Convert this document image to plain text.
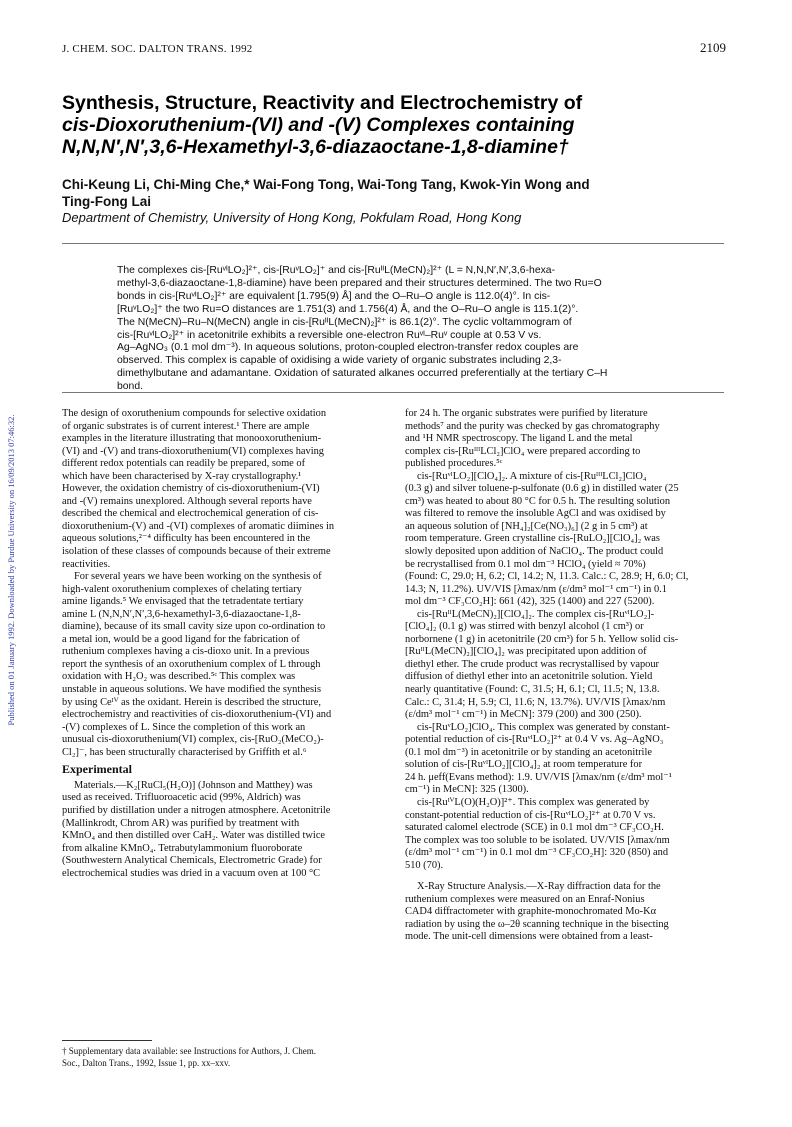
Published on 01 January 1992. Downloaded by Purdue University on 16/09/2013 07:46:32.
J. CHEM. SOC. DALTON TRANS. 1992	2109
Synthesis, Structure, Reactivity and Electrochemistry of
cis-Dioxoruthenium-(VI) and -(V) Complexes containing
N,N,N′,N′,3,6-Hexamethyl-3,6-diazaoctane-1,8-diamine†
Chi-Keung Li, Chi-Ming Che,* Wai-Fong Tong, Wai-Tong Tang, Kwok-Yin Wong and
Ting-Fong Lai
Department of Chemistry, University of Hong Kong, Pokfulam Road, Hong Kong
The complexes cis-[RuᵛᴵLO₂]²⁺, cis-[RuᵛLO₂]⁺ and cis-[RuᴵᴵL(MeCN)₂]²⁺ (L = N,N,N′,N′,3,6-hexa-
methyl-3,6-diazaoctane-1,8-diamine) have been prepared and their structures determined. The two Ru=O
bonds in cis-[RuᵛᴵLO₂]²⁺ are equivalent [1.795(9) Å] and the O–Ru–O angle is 112.0(4)°. In cis-
[RuᵛLO₂]⁺ the two Ru=O distances are 1.751(3) and 1.756(4) Å, and the O–Ru–O angle is 115.1(2)°.
The N(MeCN)–Ru–N(MeCN) angle in cis-[RuᴵᴵL(MeCN)₂]²⁺ is 86.1(2)°. The cyclic voltammogram of
cis-[RuᵛᴵLO₂]²⁺ in acetonitrile exhibits a reversible one-electron Ruᵛᴵ–Ruᵛ couple at 0.53 V vs.
Ag–AgNO₃ (0.1 mol dm⁻³). In aqueous solutions, proton-coupled electron-transfer redox couples are
observed. This complex is capable of oxidising a wide variety of organic substrates including 2,3-
dimethylbutane and adamantane. Oxidation of saturated alkanes occurred preferentially at the tertiary C–H
bond.
The design of oxoruthenium compounds for selective oxidation
of organic substrates is of current interest.¹ There are ample
examples in the literature illustrating that monooxoruthenium-
(VI) and -(V) and trans-dioxoruthenium(VI) complexes having
different redox potentials can readily be prepared, some of
which have been characterised by X-ray crystallography.¹
However, the oxidation chemistry of cis-dioxoruthenium-(VI)
and -(V) remains unexplored. Although several reports have
described the chemical and electrochemical generation of cis-
dioxoruthenium-(V) and -(VI) complexes of aromatic diimines in
aqueous solutions,²⁻⁴ difficulty has been encountered in the
isolation of these classes of compounds because of their extreme
reactivities.
For several years we have been working on the synthesis of
high-valent oxoruthenium complexes of chelating tertiary
amine ligands.⁵ We envisaged that the tetradentate tertiary
amine L (N,N,N′,N′,3,6-hexamethyl-3,6-diazaoctane-1,8-
diamine), because of its small cavity size upon co-ordination to
a metal ion, would be a good ligand for the fabrication of
ruthenium complexes having a cis-dioxo unit. In a previous
report the synthesis of an oxoruthenium complex of L through
oxidation with H₂O₂ was described.⁵ᶜ This complex was
unstable in aqueous solutions. We have modified the synthesis
by using Ceᴵⱽ as the oxidant. Herein is described the structure,
electrochemistry and reactivities of cis-dioxoruthenium-(VI) and
-(V) complexes of L. Since the completion of this work an
unusual cis-dioxoruthenium(VI) complex, cis-[RuO₂(MeCO₂)-
Cl₂]⁻, has been structurally characterised by Griffith et al.⁶
Experimental
Materials.—K₂[RuCl₅(H₂O)] (Johnson and Matthey) was
used as received. Trifluoroacetic acid (99%, Aldrich) was
purified by distillation under a nitrogen atmosphere. Acetonitrile
(Mallinkrodt, Chrom AR) was purified by treatment with
KMnO₄ and then distilled over CaH₂. Water was distilled twice
from alkaline KMnO₄. Tetrabutylammonium fluoroborate
(Southwestern Analytical Chemicals, Electrometric Grade) for
electrochemical studies was dried in a vacuum oven at 100 °C
† Supplementary data available: see Instructions for Authors, J. Chem.
Soc., Dalton Trans., 1992, Issue 1, pp. xx–xxv.
for 24 h. The organic substrates were purified by literature
methods⁷ and the purity was checked by gas chromatography
and ¹H NMR spectroscopy. The ligand L and the metal
complex cis-[RuᴵᴵᴵLCl₂]ClO₄ were prepared according to
published procedures.⁵ᶜ
cis-[RuᵛᴵLO₂][ClO₄]₂. A mixture of cis-[RuᴵᴵᴵLCl₂]ClO₄
(0.3 g) and silver toluene-p-sulfonate (0.6 g) in distilled water (25
cm³) was heated to about 80 °C for 0.5 h. The resulting solution
was filtered to remove the insoluble AgCl and was oxidised by
an aqueous solution of [NH₄]₂[Ce(NO₃)₆] (2 g in 5 cm³) at
room temperature. Green crystalline cis-[RuLO₂][ClO₄]₂ was
slowly deposited upon addition of NaClO₄. The product could
be recrystallised from 0.1 mol dm⁻³ HClO₄ (yield ≈ 70%)
(Found: C, 29.0; H, 6.2; Cl, 14.2; N, 11.3. Calc.: C, 28.9; H, 6.0; Cl,
14.3; N, 11.2%). UV/VIS [λmax/nm (ε/dm³ mol⁻¹ cm⁻¹) in 0.1
mol dm⁻³ CF₃CO₂H]: 661 (42), 325 (1400) and 227 (5200).
cis-[RuᴵᴵL(MeCN)₂][ClO₄]₂. The complex cis-[RuᵛᴵLO₂]-
[ClO₄]₂ (0.1 g) was stirred with benzyl alcohol (1 cm³) or
norbornene (1 g) in acetonitrile (20 cm³) for 5 h. Yellow solid cis-
[RuᴵᴵL(MeCN)₂][ClO₄]₂ was precipitated upon addition of
diethyl ether. The crude product was recrystallised by vapour
diffusion of diethyl ether into an acetonitrile solution. Yield
nearly quantitative (Found: C, 31.5; H, 6.1; Cl, 11.5; N, 13.8.
Calc.: C, 31.4; H, 5.9; Cl, 11.6; N, 13.7%). UV/VIS [λmax/nm
(ε/dm³ mol⁻¹ cm⁻¹) in MeCN]: 379 (200) and 300 (250).
cis-[RuᵛLO₂]ClO₄. This complex was generated by constant-
potential reduction of cis-[RuᵛᴵLO₂]²⁺ at 0.4 V vs. Ag–AgNO₃
(0.1 mol dm⁻³) in acetonitrile or by standing an acetonitrile
solution of cis-[RuᵛᴵLO₂][ClO₄]₂ at room temperature for
24 h. μeff(Evans method): 1.9. UV/VIS [λmax/nm (ε/dm³ mol⁻¹
cm⁻¹) in MeCN]: 325 (1300).
cis-[RuᴵⱽL(O)(H₂O)]²⁺. This complex was generated by
constant-potential reduction of cis-[RuᵛᴵLO₂]²⁺ at 0.70 V vs.
saturated calomel electrode (SCE) in 0.1 mol dm⁻³ CF₃CO₂H.
The complex was too soluble to be isolated. UV/VIS [λmax/nm
(ε/dm³ mol⁻¹ cm⁻¹) in 0.1 mol dm⁻³ CF₃CO₂H]: 320 (850) and
510 (70).
X-Ray Structure Analysis.—X-Ray diffraction data for the
ruthenium complexes were measured on an Enraf-Nonius
CAD4 diffractometer with graphite-monochromated Mo-Kα
radiation by using the ω–2θ scanning technique in the bisecting
mode. The unit-cell dimensions were obtained from a least-
